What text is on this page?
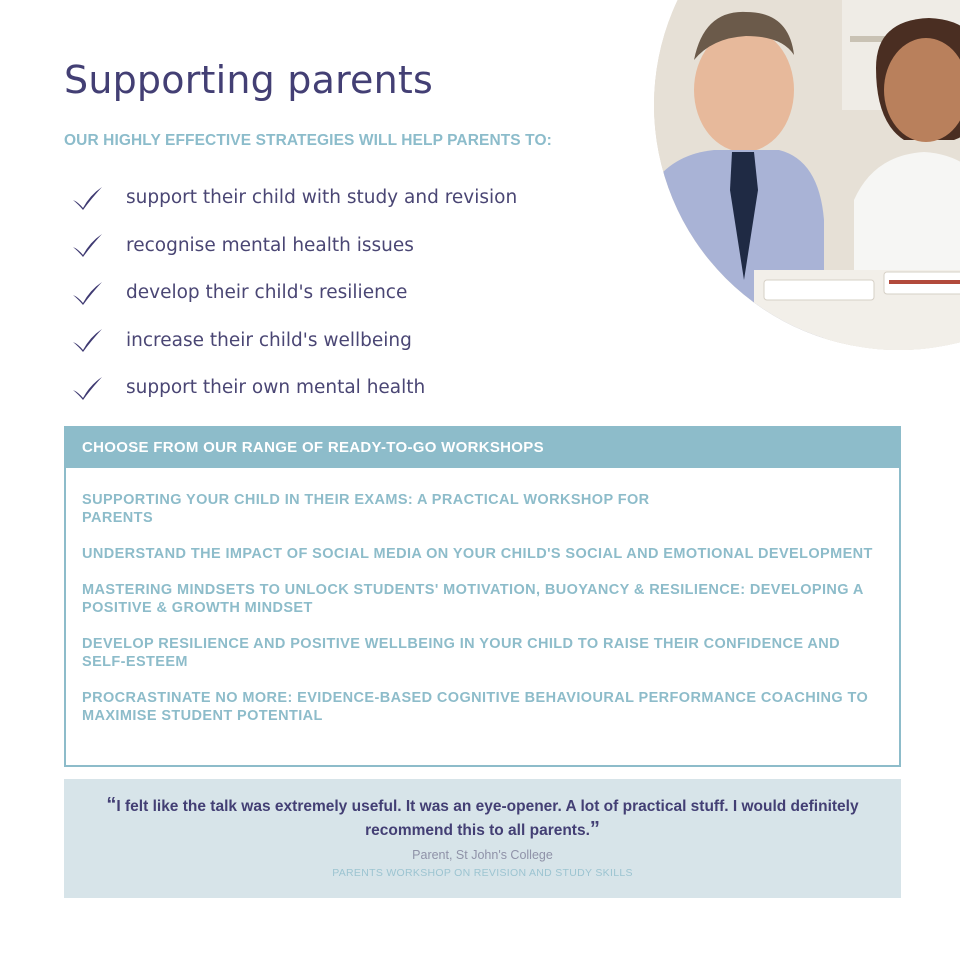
Supporting parents
OUR HIGHLY EFFECTIVE STRATEGIES WILL HELP PARENTS TO:
support their child with study and revision
recognise mental health issues
develop their child's resilience
increase their child's wellbeing
support their own mental health
CHOOSE FROM OUR RANGE OF READY-TO-GO WORKSHOPS
SUPPORTING YOUR CHILD IN THEIR EXAMS: A PRACTICAL WORKSHOP FOR PARENTS
UNDERSTAND THE IMPACT OF SOCIAL MEDIA ON YOUR CHILD'S SOCIAL AND EMOTIONAL DEVELOPMENT
MASTERING MINDSETS TO UNLOCK STUDENTS' MOTIVATION, BUOYANCY & RESILIENCE: DEVELOPING A POSITIVE & GROWTH MINDSET
DEVELOP RESILIENCE AND POSITIVE WELLBEING IN YOUR CHILD TO RAISE THEIR CONFIDENCE AND SELF-ESTEEM
PROCRASTINATE NO MORE: EVIDENCE-BASED COGNITIVE BEHAVIOURAL PERFORMANCE COACHING TO MAXIMISE STUDENT POTENTIAL

“I felt like the talk was extremely useful. It was an eye-opener. A lot of practical stuff. I would definitely recommend this to all parents.”

Parent, St John's College
PARENTS WORKSHOP ON REVISION AND STUDY SKILLS
